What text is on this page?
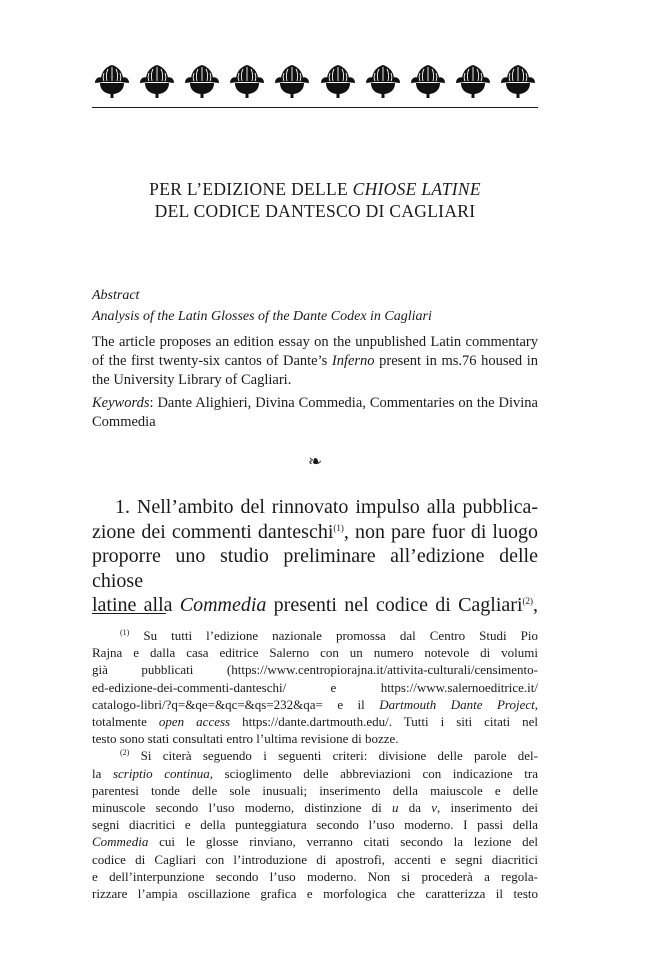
PER L’EDIZIONE DELLE CHIOSE LATINE
DEL CODICE DANTESCO DI CAGLIARI
Abstract
Analysis of the Latin Glosses of the Dante Codex in Cagliari
The article proposes an edition essay on the unpublished Latin commentary of the first twenty-six cantos of Dante’s Inferno present in ms.76 housed in the University Library of Cagliari.
Keywords: Dante Alighieri, Divina Commedia, Commentaries on the Divina Commedia
❧
1. Nell’ambito del rinnovato impulso alla pubblica-
zione dei commenti danteschi$^{(1)}$, non pare fuor di luogo
proporre uno studio preliminare all’edizione delle chiose
latine alla Commedia presenti nel codice di Cagliari$^{(2)}$,
$^{(1)}$ Su tutti l’edizione nazionale promossa dal Centro Studi Pio
Rajna e dalla casa editrice Salerno con un numero notevole di volumi
già pubblicati (https://www.centropiorajna.it/attivita-culturali/censimento-
ed-edizione-dei-commenti-danteschi/ e https://www.salernoeditrice.it/
catalogo-libri/?q=&qe=&qc=&qs=232&qa= e il Dartmouth Dante Project,
totalmente open access https://dante.dartmouth.edu/. Tutti i siti citati nel
testo sono stati consultati entro l’ultima revisione di bozze.
$^{(2)}$ Si citerà seguendo i seguenti criteri: divisione delle parole del-
la scriptio continua, scioglimento delle abbreviazioni con indicazione tra
parentesi tonde delle sole inusuali; inserimento della maiuscole e delle
minuscole secondo l’uso moderno, distinzione di u da v, inserimento dei
segni diacritici e della punteggiatura secondo l’uso moderno. I passi della
Commedia cui le glosse rinviano, verranno citati secondo la lezione del
codice di Cagliari con l’introduzione di apostrofi, accenti e segni diacritici
e dell’interpunzione secondo l’uso moderno. Non si procederà a regola-
rizzare l’ampia oscillazione grafica e morfologica che caratterizza il testo
